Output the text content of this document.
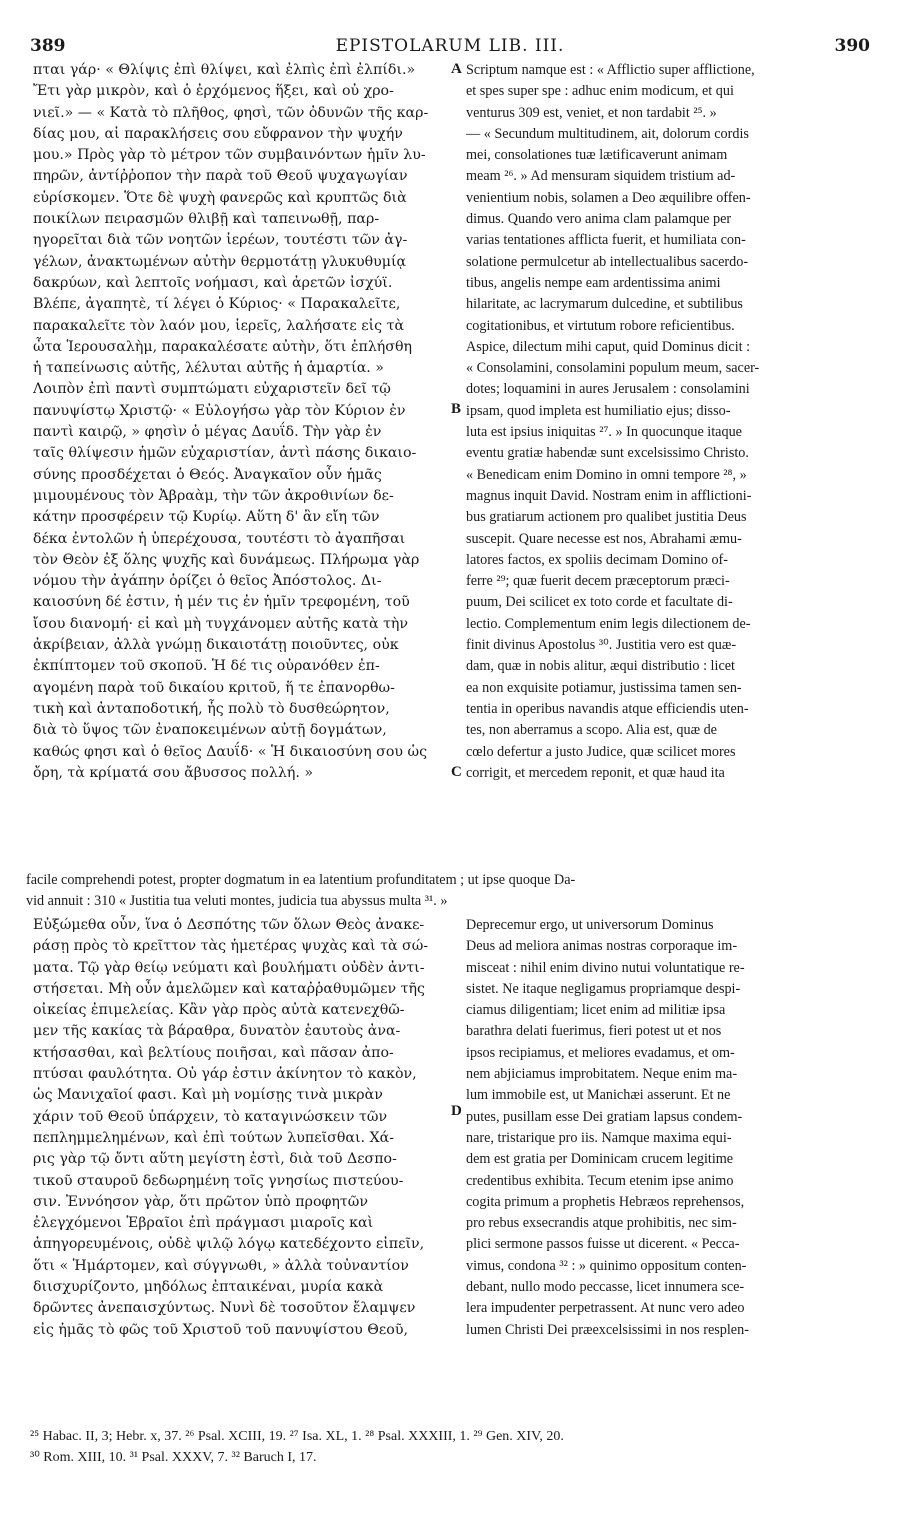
389	EPISTOLARUM LIB. III.	390
πται γάρ· « Θλίψις ἐπὶ θλίψει, καὶ ἐλπὶς ἐπὶ ἐλπίδι.»
Ἔτι γὰρ μικρὸν, καὶ ὁ ἐρχόμενος ἥξει, καὶ οὐ χρο-
νιεῖ.» — « Κατὰ τὸ πλῆθος, φησὶ, τῶν ὀδυνῶν τῆς καρ-
δίας μου, αἱ παρακλήσεις σου εὔφρανον τὴν ψυχήν
μου.» Πρὸς γὰρ τὸ μέτρον τῶν συμβαινόντων ἡμῖν λυ-
πηρῶν, ἀντίῤῥοπον τὴν παρὰ τοῦ Θεοῦ ψυχαγωγίαν
εὑρίσκομεν. Ὅτε δὲ ψυχὴ φανερῶς καὶ κρυπτῶς διὰ
ποικίλων πειρασμῶν θλιβῇ καὶ ταπεινωθῇ, παρ-
ηγορεῖται διὰ τῶν νοητῶν ἱερέων, τουτέστι τῶν ἀγ-
γέλων, ἀνακτωμένων αὐτὴν θερμοτάτῃ γλυκυθυμίᾳ
δακρύων, καὶ λεπτοῖς νοήμασι, καὶ ἀρετῶν ἰσχύϊ.
Βλέπε, ἀγαπητὲ, τί λέγει ὁ Κύριος· « Παρακαλεῖτε,
παρακαλεῖτε τὸν λαόν μου, ἱερεῖς, λαλήσατε εἰς τὰ
ὦτα Ἱερουσαλὴμ, παρακαλέσατε αὐτὴν, ὅτι ἐπλήσθη
ἡ ταπείνωσις αὐτῆς, λέλυται αὐτῆς ἡ ἁμαρτία. »
Λοιπὸν ἐπὶ παντὶ συμπτώματι εὐχαριστεῖν δεῖ τῷ
πανυψίστῳ Χριστῷ· « Εὐλογήσω γὰρ τὸν Κύριον ἐν
παντὶ καιρῷ, » φησὶν ὁ μέγας Δαυΐδ. Τὴν γὰρ ἐν
ταῖς θλίψεσιν ἡμῶν εὐχαριστίαν, ἀντὶ πάσης δικαιο-
σύνης προσδέχεται ὁ Θεός. Ἀναγκαῖον οὖν ἡμᾶς
μιμουμένους τὸν Ἀβραὰμ, τὴν τῶν ἀκροθινίων δε-
κάτην προσφέρειν τῷ Κυρίῳ. Αὕτη δ' ἂν εἴη τῶν
δέκα ἐντολῶν ἡ ὑπερέχουσα, τουτέστι τὸ ἀγαπῆσαι
τὸν Θεὸν ἐξ ὅλης ψυχῆς καὶ δυνάμεως. Πλήρωμα γὰρ
νόμου τὴν ἀγάπην ὁρίζει ὁ θεῖος Ἀπόστολος. Δι-
καιοσύνη δέ ἐστιν, ἡ μέν τις ἐν ἡμῖν τρεφομένη, τοῦ
ἴσου διανομή· εἰ καὶ μὴ τυγχάνομεν αὐτῆς κατὰ τὴν
ἀκρίβειαν, ἀλλὰ γνώμῃ δικαιοτάτῃ ποιοῦντες, οὐκ
ἐκπίπτομεν τοῦ σκοποῦ. Ἡ δέ τις οὐρανόθεν ἐπ-
αγομένη παρὰ τοῦ δικαίου κριτοῦ, ἥ τε ἐπανορθω-
τικὴ καὶ ἀνταποδοτική, ἧς πολὺ τὸ δυσθεώρητον,
διὰ τὸ ὕψος τῶν ἐναποκειμένων αὐτῇ δογμάτων,
καθώς φησι καὶ ὁ θεῖος Δαυΐδ· « Ἡ δικαιοσύνη σου ὡς
ὄρη, τὰ κρίματά σου ἄβυσσος πολλή. »
Scriptum namque est : « Afflictio super afflictione,
et spes super spe : adhuc enim modicum, et qui
venturus 309 est, veniet, et non tardabit ²⁵. »
— « Secundum multitudinem, ait, dolorum cordis
mei, consolationes tuæ lætificaverunt animam
meam ²⁶. » Ad mensuram siquidem tristium ad-
venientium nobis, solamen a Deo æquilibre offen-
dimus. Quando vero anima clam palamque per
varias tentationes afflicta fuerit, et humiliata con-
solatione permulcetur ab intellectualibus sacerdo-
tibus, angelis nempe eam ardentissima animi
hilaritate, ac lacrymarum dulcedine, et subtilibus
cogitationibus, et virtutum robore reficientibus.
Aspice, dilectum mihi caput, quid Dominus dicit :
« Consolamini, consolamini populum meum, sacer-
dotes; loquamini in aures Jerusalem : consolamini
ipsam, quod impleta est humiliatio ejus; disso-
luta est ipsius iniquitas ²⁷. » In quocunque itaque
eventu gratiæ habendæ sunt excelsissimo Christo.
« Benedicam enim Domino in omni tempore ²⁸, »
magnus inquit David. Nostram enim in afflictioni-
bus gratiarum actionem pro qualibet justitia Deus
suscepit. Quare necesse est nos, Abrahami æmu-
latores factos, ex spoliis decimam Domino of-
ferre ²⁹; quæ fuerit decem præceptorum præci-
puum, Dei scilicet ex toto corde et facultate di-
lectio. Complementum enim legis dilectionem de-
finit divinus Apostolus ³⁰. Justitia vero est quæ-
dam, quæ in nobis alitur, æqui distributio : licet
ea non exquisite potiamur, justissima tamen sen-
tentia in operibus navandis atque efficiendis uten-
tes, non aberramus a scopo. Alia est, quæ de
cœlo defertur a justo Judice, quæ scilicet mores
corrigit, et mercedem reponit, et quæ haud ita
facile comprehendi potest, propter dogmatum in ea latentium profunditatem ; ut ipse quoque Da-
vid annuit : 310 « Justitia tua veluti montes, judicia tua abyssus multa ³¹. »
Εὐξώμεθα οὖν, ἵνα ὁ Δεσπότης τῶν ὅλων Θεὸς ἀνακε-
ράσῃ πρὸς τὸ κρεῖττον τὰς ἡμετέρας ψυχὰς καὶ τὰ σώ-
ματα. Τῷ γὰρ θείῳ νεύματι καὶ βουλήματι οὐδὲν ἀντι-
στήσεται. Μὴ οὖν ἀμελῶμεν καὶ καταῤῥαθυμῶμεν τῆς
οἰκείας ἐπιμελείας. Κἂν γὰρ πρὸς αὐτὰ κατενεχθῶ-
μεν τῆς κακίας τὰ βάραθρα, δυνατὸν ἑαυτοὺς ἀνα-
κτήσασθαι, καὶ βελτίους ποιῆσαι, καὶ πᾶσαν ἀπο-
πτύσαι φαυλότητα. Οὐ γάρ ἐστιν ἀκίνητον τὸ κακὸν,
ὡς Μανιχαῖοί φασι. Καὶ μὴ νομίσῃς τινὰ μικρὰν
χάριν τοῦ Θεοῦ ὑπάρχειν, τὸ καταγινώσκειν τῶν
πεπλημμελημένων, καὶ ἐπὶ τούτων λυπεῖσθαι. Χά-
ρις γὰρ τῷ ὄντι αὕτη μεγίστη ἐστὶ, διὰ τοῦ Δεσπο-
τικοῦ σταυροῦ δεδωρημένη τοῖς γνησίως πιστεύου-
σιν. Ἐννόησον γὰρ, ὅτι πρῶτον ὑπὸ προφητῶν
ἐλεγχόμενοι Ἑβραῖοι ἐπὶ πράγμασι μιαροῖς καὶ
ἀπηγορευμένοις, οὐδὲ ψιλῷ λόγῳ κατεδέχοντο εἰπεῖν,
ὅτι « Ἡμάρτομεν, καὶ σύγγνωθι, » ἀλλὰ τοὐναντίον
διισχυρίζοντο, μηδόλως ἐπταικέναι, μυρία κακὰ
δρῶντες ἀνεπαισχύντως. Νυνὶ δὲ τοσοῦτον ἔλαμψεν
εἰς ἡμᾶς τὸ φῶς τοῦ Χριστοῦ τοῦ πανυψίστου Θεοῦ,
Deprecemur ergo, ut universorum Dominus
Deus ad meliora animas nostras corporaque im-
misceat : nihil enim divino nutui voluntatique re-
sistet. Ne itaque negligamus propriamque despi-
ciamus diligentiam; licet enim ad militiæ ipsa
barathra delati fuerimus, fieri potest ut et nos
ipsos recipiamus, et meliores evadamus, et om-
nem abjiciamus improbitatem. Neque enim ma-
lum immobile est, ut Manichæi asserunt. Et ne
putes, pusillam esse Dei gratiam lapsus condem-
nare, tristarique pro iis. Namque maxima equi-
dem est gratia per Dominicam crucem legitime
credentibus exhibita. Tecum etenim ipse animo
cogita primum a prophetis Hebræos reprehensos,
pro rebus exsecrandis atque prohibitis, nec sim-
plici sermone passos fuisse ut dicerent. « Pecca-
vimus, condona ³² : » quinimo oppositum conten-
debant, nullo modo peccasse, licet innumera sce-
lera impudenter perpetrassent. At nunc vero adeo
lumen Christi Dei præexcelsissimi in nos resplen-
A
B
C
D
²⁵ Habac. II, 3; Hebr. x, 37. ²⁶ Psal. XCIII, 19. ²⁷ Isa. XL, 1. ²⁸ Psal. XXXIII, 1. ²⁹ Gen. XIV, 20.
³⁰ Rom. XIII, 10. ³¹ Psal. XXXV, 7. ³² Baruch I, 17.
